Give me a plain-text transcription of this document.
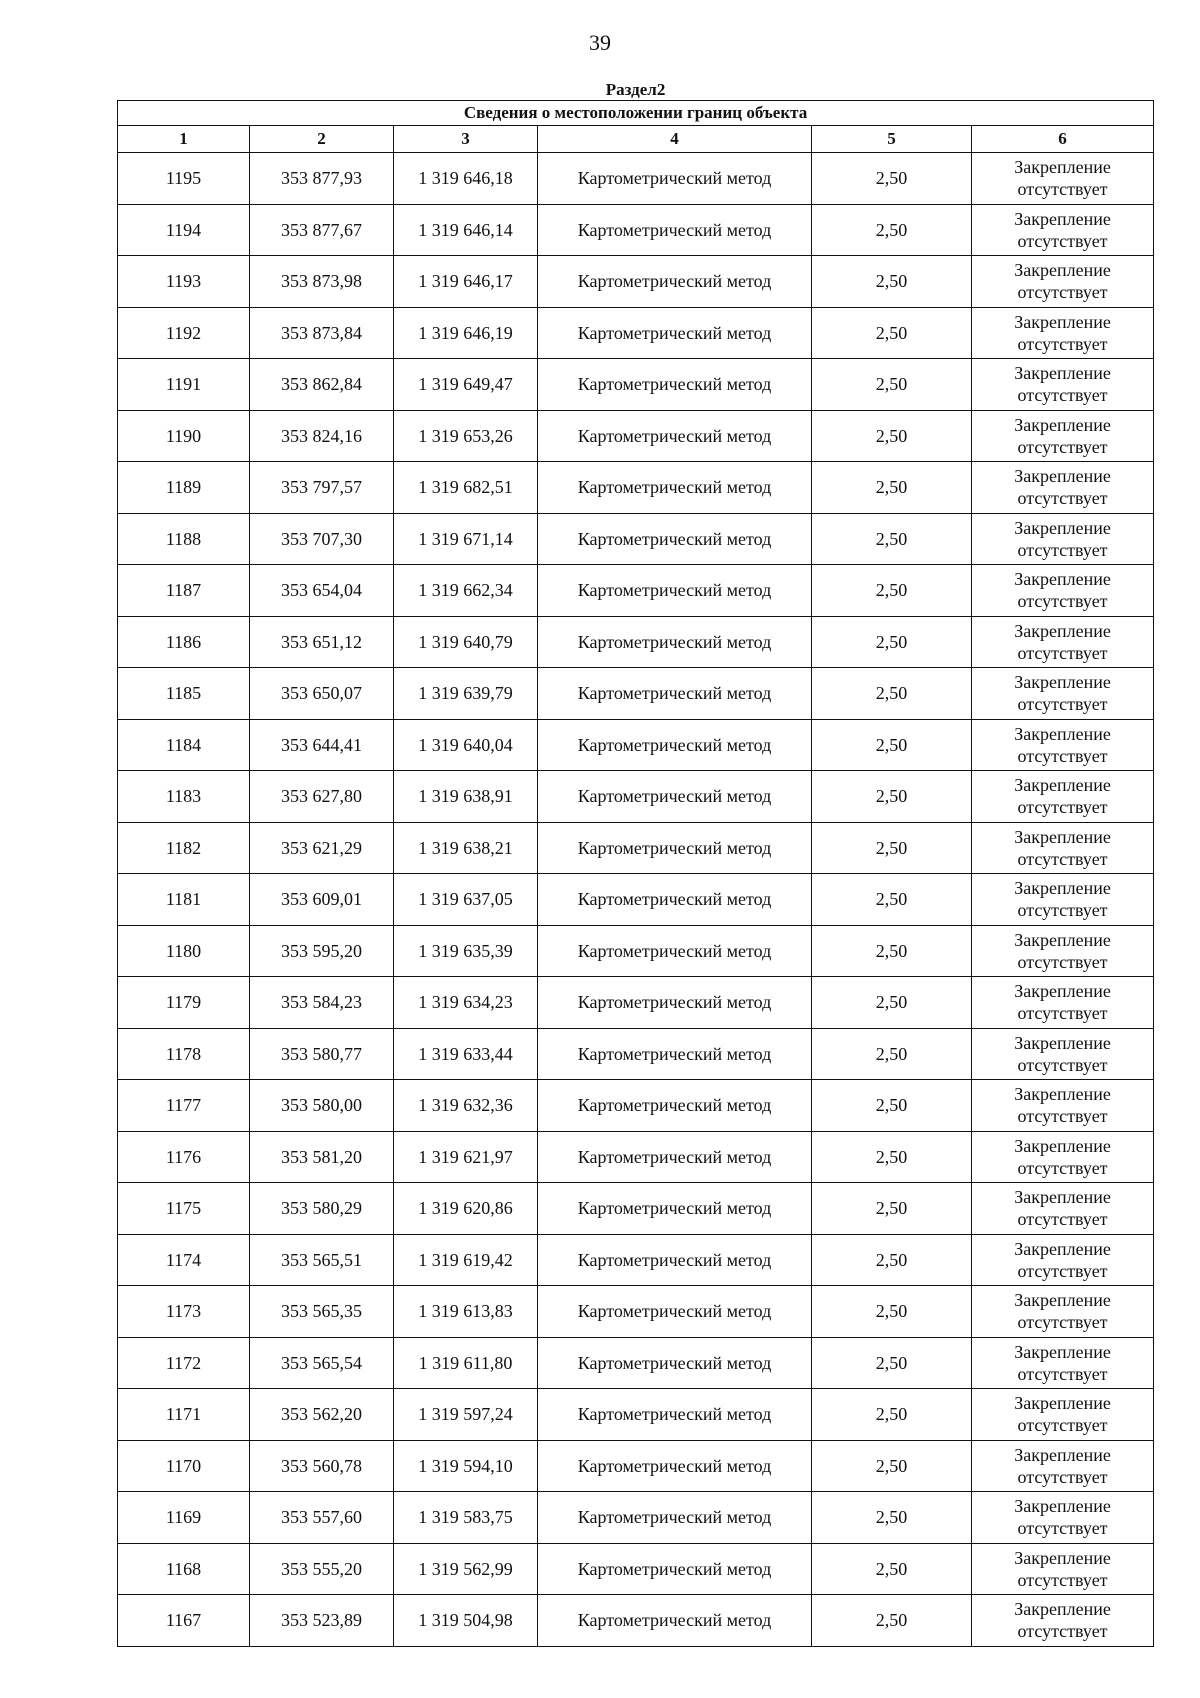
39
Раздел2					
Сведения о местоположении границ объекта					
1	2	3	4	5	6
1195	353 877,93	1 319 646,18	Картометрический метод	2,50	Закрепление
отсутствует

1194	353 877,67	1 319 646,14	Картометрический метод	2,50	Закрепление
отсутствует

1193	353 873,98	1 319 646,17	Картометрический метод	2,50	Закрепление
отсутствует

1192	353 873,84	1 319 646,19	Картометрический метод	2,50	Закрепление
отсутствует

1191	353 862,84	1 319 649,47	Картометрический метод	2,50	Закрепление
отсутствует

1190	353 824,16	1 319 653,26	Картометрический метод	2,50	Закрепление
отсутствует

1189	353 797,57	1 319 682,51	Картометрический метод	2,50	Закрепление
отсутствует

1188	353 707,30	1 319 671,14	Картометрический метод	2,50	Закрепление
отсутствует

1187	353 654,04	1 319 662,34	Картометрический метод	2,50	Закрепление
отсутствует

1186	353 651,12	1 319 640,79	Картометрический метод	2,50	Закрепление
отсутствует

1185	353 650,07	1 319 639,79	Картометрический метод	2,50	Закрепление
отсутствует

1184	353 644,41	1 319 640,04	Картометрический метод	2,50	Закрепление
отсутствует

1183	353 627,80	1 319 638,91	Картометрический метод	2,50	Закрепление
отсутствует

1182	353 621,29	1 319 638,21	Картометрический метод	2,50	Закрепление
отсутствует

1181	353 609,01	1 319 637,05	Картометрический метод	2,50	Закрепление
отсутствует

1180	353 595,20	1 319 635,39	Картометрический метод	2,50	Закрепление
отсутствует

1179	353 584,23	1 319 634,23	Картометрический метод	2,50	Закрепление
отсутствует

1178	353 580,77	1 319 633,44	Картометрический метод	2,50	Закрепление
отсутствует

1177	353 580,00	1 319 632,36	Картометрический метод	2,50	Закрепление
отсутствует

1176	353 581,20	1 319 621,97	Картометрический метод	2,50	Закрепление
отсутствует

1175	353 580,29	1 319 620,86	Картометрический метод	2,50	Закрепление
отсутствует

1174	353 565,51	1 319 619,42	Картометрический метод	2,50	Закрепление
отсутствует

1173	353 565,35	1 319 613,83	Картометрический метод	2,50	Закрепление
отсутствует

1172	353 565,54	1 319 611,80	Картометрический метод	2,50	Закрепление
отсутствует

1171	353 562,20	1 319 597,24	Картометрический метод	2,50	Закрепление
отсутствует

1170	353 560,78	1 319 594,10	Картометрический метод	2,50	Закрепление
отсутствует

1169	353 557,60	1 319 583,75	Картометрический метод	2,50	Закрепление
отсутствует

1168	353 555,20	1 319 562,99	Картометрический метод	2,50	Закрепление
отсутствует

1167	353 523,89	1 319 504,98	Картометрический метод	2,50	Закрепление
отсутствует
